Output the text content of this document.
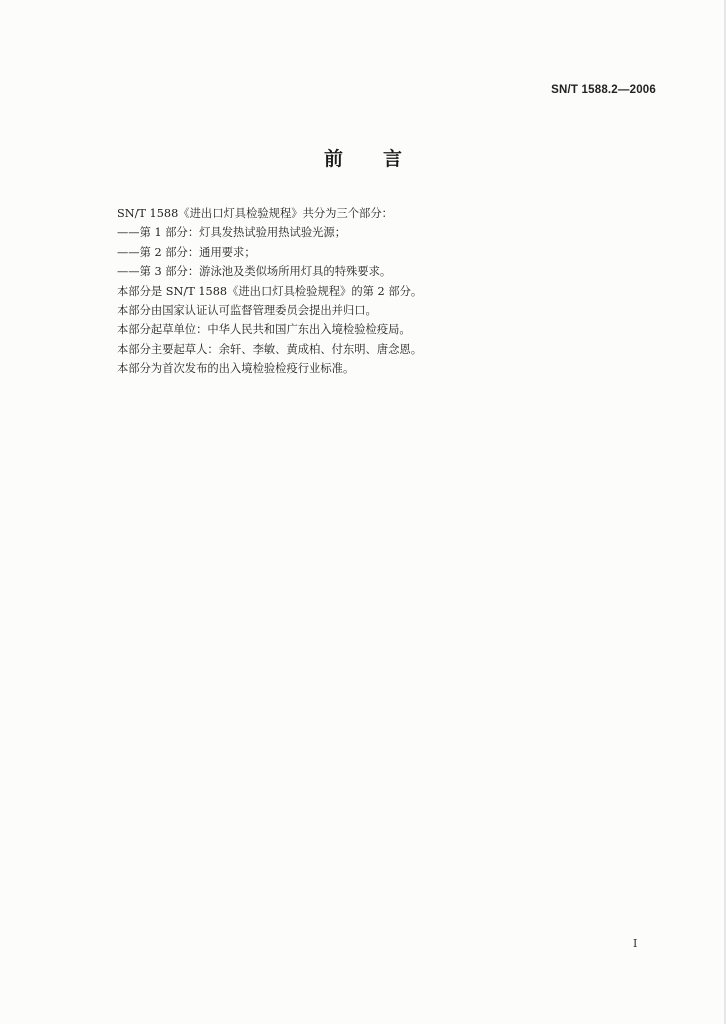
SN/T 1588.2—2006
前言
SN/T 1588《进出口灯具检验规程》共分为三个部分：
——第 1 部分：灯具发热试验用热试验光源；
——第 2 部分：通用要求；
——第 3 部分：游泳池及类似场所用灯具的特殊要求。
本部分是 SN/T 1588《进出口灯具检验规程》的第 2 部分。
本部分由国家认证认可监督管理委员会提出并归口。
本部分起草单位：中华人民共和国广东出入境检验检疫局。
本部分主要起草人：余轩、李敏、黄成柏、付东明、唐念恩。
本部分为首次发布的出入境检验检疫行业标准。
I
